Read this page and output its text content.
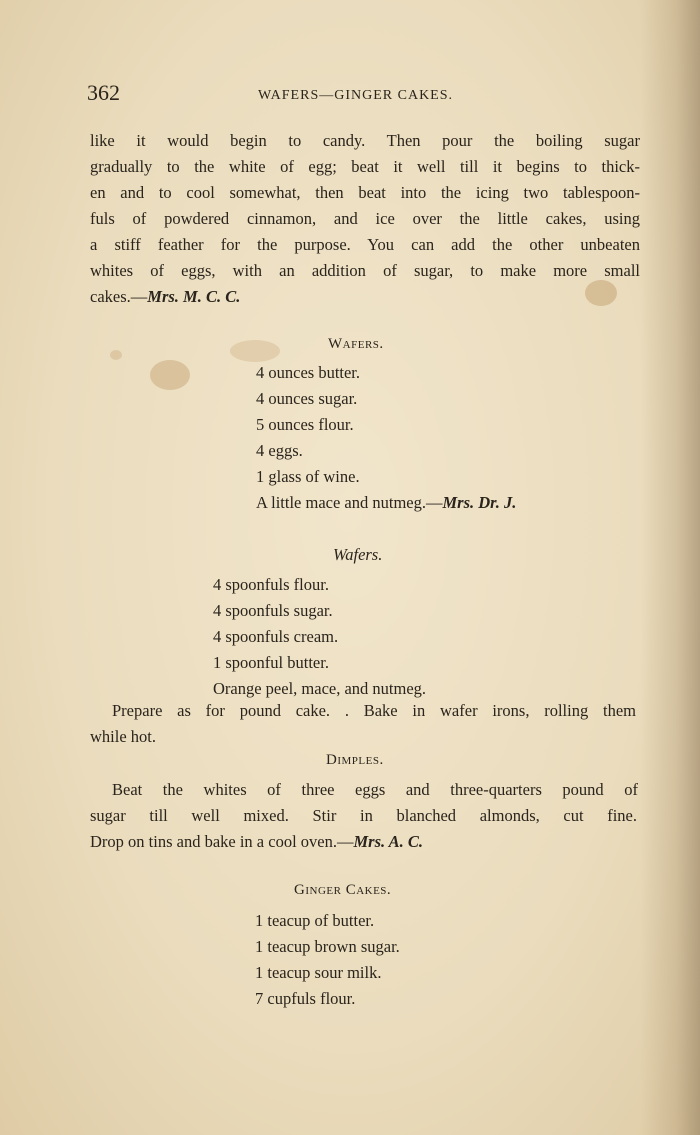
362	WAFERS—GINGER CAKES.
like it would begin to candy. Then pour the boiling sugar
gradually to the white of egg; beat it well till it begins to thick-
en and to cool somewhat, then beat into the icing two tablespoon-
fuls of powdered cinnamon, and ice over the little cakes, using
a stiff feather for the purpose. You can add the other unbeaten
whites of eggs, with an addition of sugar, to make more small
cakes.—Mrs. M. C. C.
Wafers.
4 ounces butter.
4 ounces sugar.
5 ounces flour.
4 eggs.
1 glass of wine.
A little mace and nutmeg.—Mrs. Dr. J.
Wafers.
4 spoonfuls flour.
4 spoonfuls sugar.
4 spoonfuls cream.
1 spoonful butter.
Orange peel, mace, and nutmeg.
Prepare as for pound cake. . Bake in wafer irons, rolling them
while hot.
Dimples.
Beat the whites of three eggs and three-quarters pound of
sugar till well mixed. Stir in blanched almonds, cut fine.
Drop on tins and bake in a cool oven.—Mrs. A. C.
Ginger Cakes.
1 teacup of butter.
1 teacup brown sugar.
1 teacup sour milk.
7 cupfuls flour.
